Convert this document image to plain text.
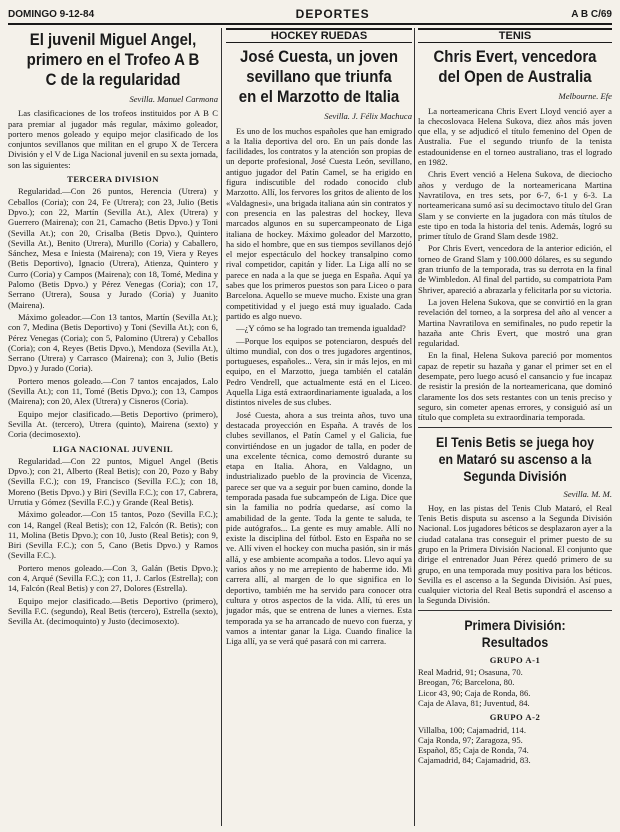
DOMINGO 9-12-84	DEPORTES	A B C/69
El juvenil Miguel Angel, primero en el Trofeo A B C de la regularidad
Sevilla. Manuel Carmona

Las clasificaciones de los trofeos instituidos por A B C para premiar al jugador más regular, máximo goleador, portero menos goleado y equipo mejor clasificado de los conjuntos sevillanos que militan en el grupo X de Tercera División y el V de Liga Nacional juvenil en su sexta jornada, son las siguientes:

TERCERA DIVISION

Regularidad.—Con 26 puntos, Herencia (Utrera) y Ceballos (Coria); con 24, Fe (Utrera); con 23, Julio (Betis Dpvo.); con 22, Martín (Sevilla At.), Alex (Utrera) y Guerrero (Mairena); con 21, Camacho (Betis Dpvo.) y Toni (Sevilla At.); con 20, Crisalba (Betis Dpvo.), Quintero (Sevilla At.), Benito (Utrera), Murillo (Coria) y Caballero, Sánchez, Mesa e Iniesta (Mairena); con 19, Viera y Reyes (Betis Deportivo), Ignacio (Utrera), Atienza, Quintero y Curro (Coria) y Campos (Mairena); con 18, Tomé, Medina y Palomo (Betis Dpvo.) y Pérez Venegas (Coria); con 17, Serrano (Utrera), Sousa y Jurado (Coria) y Juanito (Mairena).

Máximo goleador.—Con 13 tantos, Martín (Sevilla At.); con 7, Medina (Betis Deportivo) y Toni (Sevilla At.); con 6, Pérez Venegas (Coria); con 5, Palomino (Utrera) y Ceballos (Coria); con 4, Reyes (Betis Dpvo.), Mendoza (Sevilla At.), Serrano (Utrera) y Carrasco (Mairena); con 3, Julio (Betis Dpvo.) y Jurado (Coria).

Portero menos goleado.—Con 7 tantos encajados, Lalo (Sevilla At.); con 11, Tomé (Betis Dpvo.); con 13, Campos (Mairena); con 20, Alex (Utrera) y Cisneros (Coria).

Equipo mejor clasificado.—Betis Deportivo (primero), Sevilla At. (tercero), Utrera (quinto), Mairena (sexto) y Coria (decimosexto).

LIGA NACIONAL JUVENIL

Regularidad.—Con 22 puntos, Miguel Angel (Betis Dpvo.); con 21, Alberto (Real Betis); con 20, Pozo y Baby (Sevilla F.C.); con 19, Francisco (Sevilla F.C.); con 18, Moreno (Betis Dpvo.) y Biri (Sevilla F.C.); con 17, Cabrera, Urrutia y Gómez (Sevilla F.C.) y Grande (Real Betis).

Máximo goleador.—Con 15 tantos, Pozo (Sevilla F.C.); con 14, Rangel (Real Betis); con 12, Falcón (R. Betis); con 11, Molina (Betis Dpvo.); con 10, Justo (Real Betis); con 9, Biri (Sevilla F.C.); con 5, Cano (Betis Dpvo.) y Ramos (Sevilla F.C.).

Portero menos goleado.—Con 3, Galán (Betis Dpvo.); con 4, Arqué (Sevilla F.C.); con 11, J. Carlos (Estrella); con 14, Falcón (Real Betis) y con 27, Dolores (Estrella).

Equipo mejor clasificado.—Betis Deportivo (primero), Sevilla F.C. (segundo), Real Betis (tercero), Estrella (sexto), Sevilla At. (decimoquinto) y Justo (decimosexto).

HOCKEY RUEDAS
José Cuesta, un joven sevillano que triunfa en el Marzotto de Italia
Sevilla. J. Félix Machuca

Es uno de los muchos españoles que han emigrado a la Italia deportiva del oro. En un país donde las facilidades, los contratos y la atención son propias de un deporte profesional, José Cuesta León, sevillano, antiguo jugador del Patín Camel, se ha erigido en figura indiscutible del rodado conocido club Marzotto. Allí, los fervores los gritos de aliento de los «Valdagnesi», una brigada italiana aún sin contratos y con presencia en las palestras del hockey, lleva marcados algunos en su supercampeonato de Liga italiana de hockey. Máximo goleador del Marzotto, ha sido el hombre, que en sus tiempos sevillanos dejó el mejor espectáculo del hockey transalpino como rival competidor, capitán y líder. La Liga allí no se parece en nada a la que se juega en España. Aquí ya sabes que los primeros puestos son para Liceo o para Barcelona. Aquello se mueve mucho. Existe una gran competitividad y el juego está muy igualado. Cada partido es algo nuevo.

—¿Y cómo se ha logrado tan tremenda igualdad?

—Porque los equipos se potenciaron, después del último mundial, con dos o tres jugadores argentinos, portugueses, españoles... Vera, sin ir más lejos, en mi equipo, en el Marzotto, juega también el catalán Pedro Vendrell, que actualmente está en el Liceo. Aquella Liga está extraordinariamente igualada, a los distintos niveles de sus clubes.

José Cuesta, ahora a sus treinta años, tuvo una destacada proyección en España. A través de los clubes sevillanos, el Patín Camel y el Galicia, fue convirtiéndose en un jugador de talla, en poder de una excelente técnica, como demostró durante su etapa en Italia. Ahora, en Valdagno, un industrializado pueblo de la provincia de Vicenza, parece ser que va a seguir por buen camino, donde la temporada pasada fue subcampeón de Liga. Dice que sin la familia no podría quedarse, así como la amabilidad de la gente. Toda la gente te saluda, te pide autógrafos... La gente es muy amable. Allí no existe la disciplina del fútbol. Esto en España no se ve. Allí viven el hockey con mucha pasión, sin ir más allá, y ese ambiente acompaña a todos. Llevo aquí ya varios años y no me arrepiento de haberme ido. Mi carrera allí, al margen de lo que significa en lo deportivo, también me ha servido para conocer otra cultura y otros aspectos de la vida. Allí, tú eres un jugador más, que se entrena de lunes a viernes. Esta temporada ya se ha arrancado de nuevo con fuerza, y vamos a intentar ganar la Liga. Cuando finalice la Liga allí, ya se verá qué pasará con mi carrera.

TENIS
Chris Evert, vencedora del Open de Australia
Melbourne. Efe

La norteamericana Chris Evert Lloyd venció ayer a la checoslovaca Helena Sukova, diez años más joven que ella, y se adjudicó el título femenino del Open de Australia. Fue el segundo triunfo de la tenista estadounidense en el torneo australiano, tras el logrado en 1982.

Chris Evert venció a Helena Sukova, de dieciocho años y verdugo de la norteamericana Martina Navratilova, en tres sets, por 6-7, 6-1 y 6-3. La norteamericana sumó así su decimoctavo título del Gran Slam y se convierte en la jugadora con más títulos de este tipo en toda la historia del tenis. Además, logró su primer título de Grand Slam desde 1982.

Por Chris Evert, vencedora de la anterior edición, el torneo de Grand Slam y 100.000 dólares, es su segundo gran triunfo de la temporada, tras su derrota en la final de Wimbledon. Al final del partido, su compatriota Pam Shriver, apareció a abrazarla y felicitarla por su victoria.

La joven Helena Sukova, que se convirtió en la gran revelación del torneo, a la sorpresa del año al vencer a Martina Navratilova en semifinales, no pudo repetir la hazaña ante Chris Evert, que mostró una gran regularidad.

En la final, Helena Sukova pareció por momentos capaz de repetir su hazaña y ganar el primer set en el desempate, pero luego acusó el cansancio y fue incapaz de resistir la presión de la norteamericana, que dominó claramente los dos sets restantes con un tenis preciso y seguro, sin cometer apenas errores, y consiguió así un título que completa su extraordinaria temporada.

El Tenis Betis se juega hoy en Mataró su ascenso a la Segunda División
Sevilla. M. M.

Hoy, en las pistas del Tenis Club Mataró, el Real Tenis Betis disputa su ascenso a la Segunda División Nacional. Los jugadores béticos se desplazaron ayer a la ciudad catalana tras conseguir el primer puesto de su grupo en la Primera División Nacional. El conjunto que dirige el entrenador Juan Pérez quedó primero de su grupo, en una temporada muy positiva para los béticos. Sevilla es el ascenso a la Segunda División. Así pues, cualquier victoria del Real Betis supondrá el ascenso a la Segunda División.

Primera División: Resultados
GRUPO A-1

Real Madrid, 91; Osasuna, 70.

Breogan, 76; Barcelona, 80.

Licor 43, 90; Caja de Ronda, 86.

Caja de Alava, 81; Juventud, 84.

GRUPO A-2

Villalba, 100; Cajamadrid, 114.

Caja Ronda, 97; Zaragoza, 95.

Español, 85; Caja de Ronda, 74.

Cajamadrid, 84; Cajamadrid, 83.
